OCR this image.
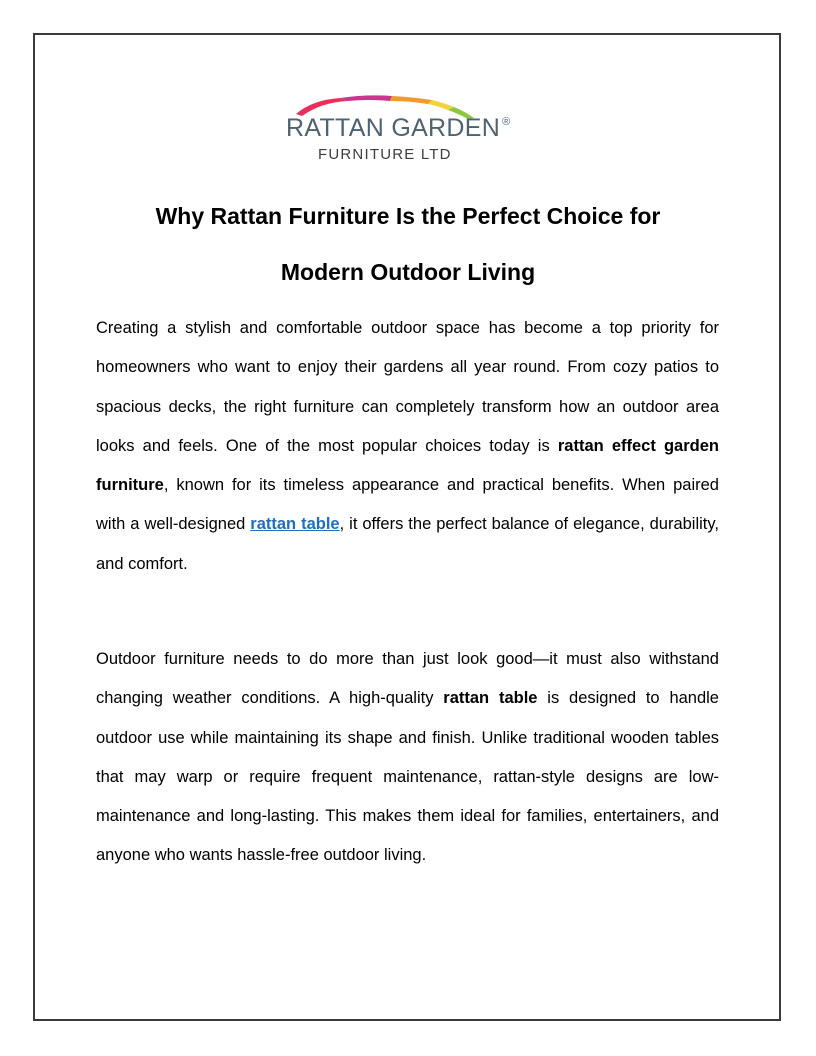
RATTAN GARDEN ®
FURNITURE LTD
Why Rattan Furniture Is the Perfect Choice for
Modern Outdoor Living

Creating a stylish and comfortable outdoor space has become a top priority for homeowners who want to enjoy their gardens all year round. From cozy patios to spacious decks, the right furniture can completely transform how an outdoor area looks and feels. One of the most popular choices today is rattan effect garden furniture, known for its timeless appearance and practical benefits. When paired with a well-designed rattan table, it offers the perfect balance of elegance, durability, and comfort.

Outdoor furniture needs to do more than just look good—it must also withstand changing weather conditions. A high-quality rattan table is designed to handle outdoor use while maintaining its shape and finish. Unlike traditional wooden tables that may warp or require frequent maintenance, rattan-style designs are low-maintenance and long-lasting. This makes them ideal for families, entertainers, and anyone who wants hassle-free outdoor living.
